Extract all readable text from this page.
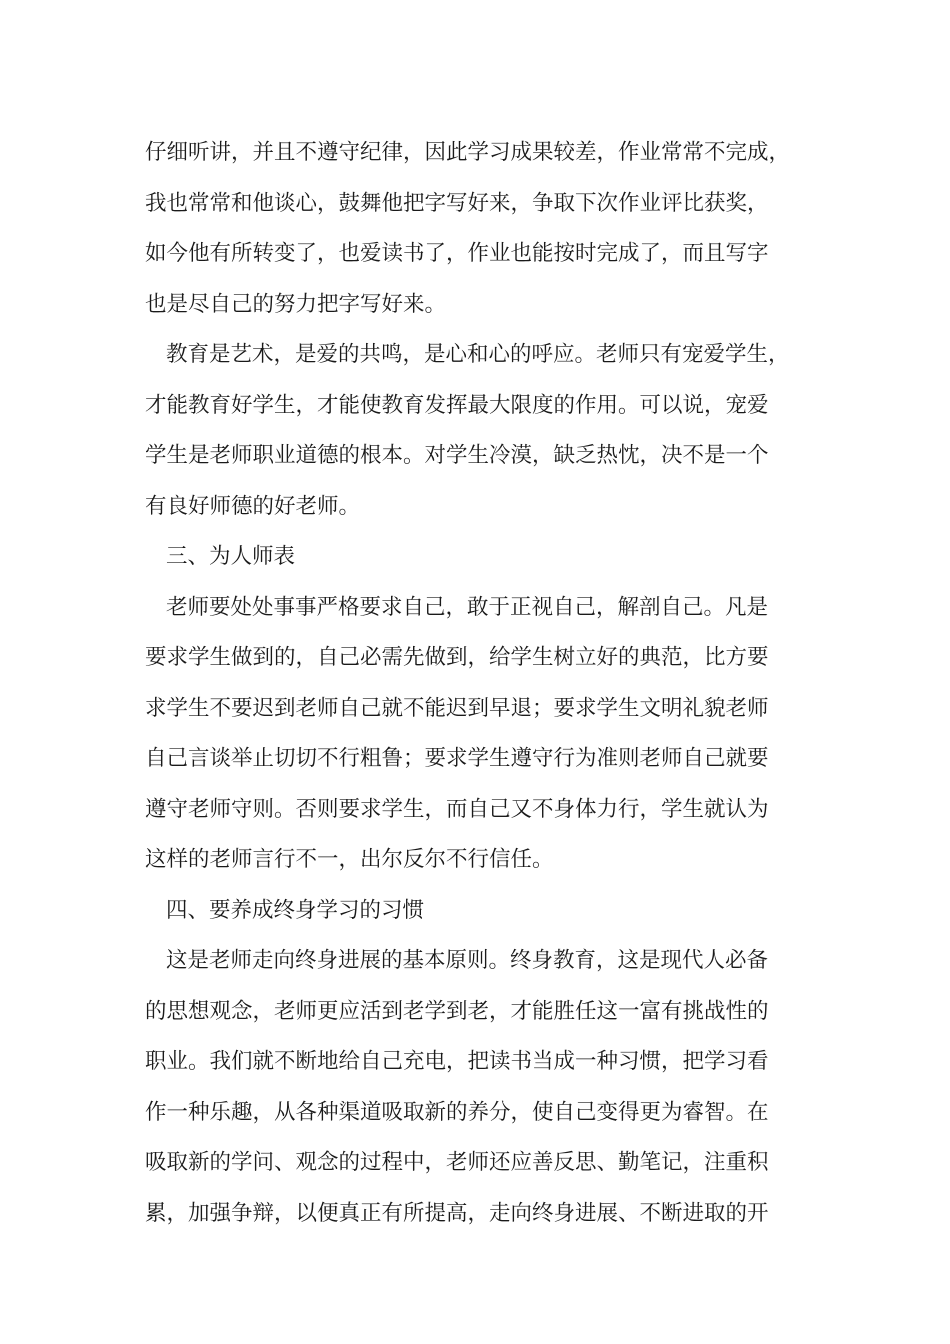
仔细听讲，并且不遵守纪律，因此学习成果较差，作业常常不完成，
我也常常和他谈心，鼓舞他把字写好来，争取下次作业评比获奖，
如今他有所转变了，也爱读书了，作业也能按时完成了，而且写字
也是尽自己的努力把字写好来。
教育是艺术，是爱的共鸣，是心和心的呼应。老师只有宠爱学生，
才能教育好学生，才能使教育发挥最大限度的作用。可以说，宠爱
学生是老师职业道德的根本。对学生冷漠，缺乏热忱，决不是一个
有良好师德的好老师。
三、为人师表
老师要处处事事严格要求自己，敢于正视自己，解剖自己。凡是
要求学生做到的，自己必需先做到，给学生树立好的典范，比方要
求学生不要迟到老师自己就不能迟到早退；要求学生文明礼貌老师
自己言谈举止切切不行粗鲁；要求学生遵守行为准则老师自己就要
遵守老师守则。否则要求学生，而自己又不身体力行，学生就认为
这样的老师言行不一，出尔反尔不行信任。
四、要养成终身学习的习惯
这是老师走向终身进展的基本原则。终身教育，这是现代人必备
的思想观念，老师更应活到老学到老，才能胜任这一富有挑战性的
职业。我们就不断地给自己充电，把读书当成一种习惯，把学习看
作一种乐趣，从各种渠道吸取新的养分，使自己变得更为睿智。在
吸取新的学问、观念的过程中，老师还应善反思、勤笔记，注重积
累，加强争辩，以便真正有所提高，走向终身进展、不断进取的开
